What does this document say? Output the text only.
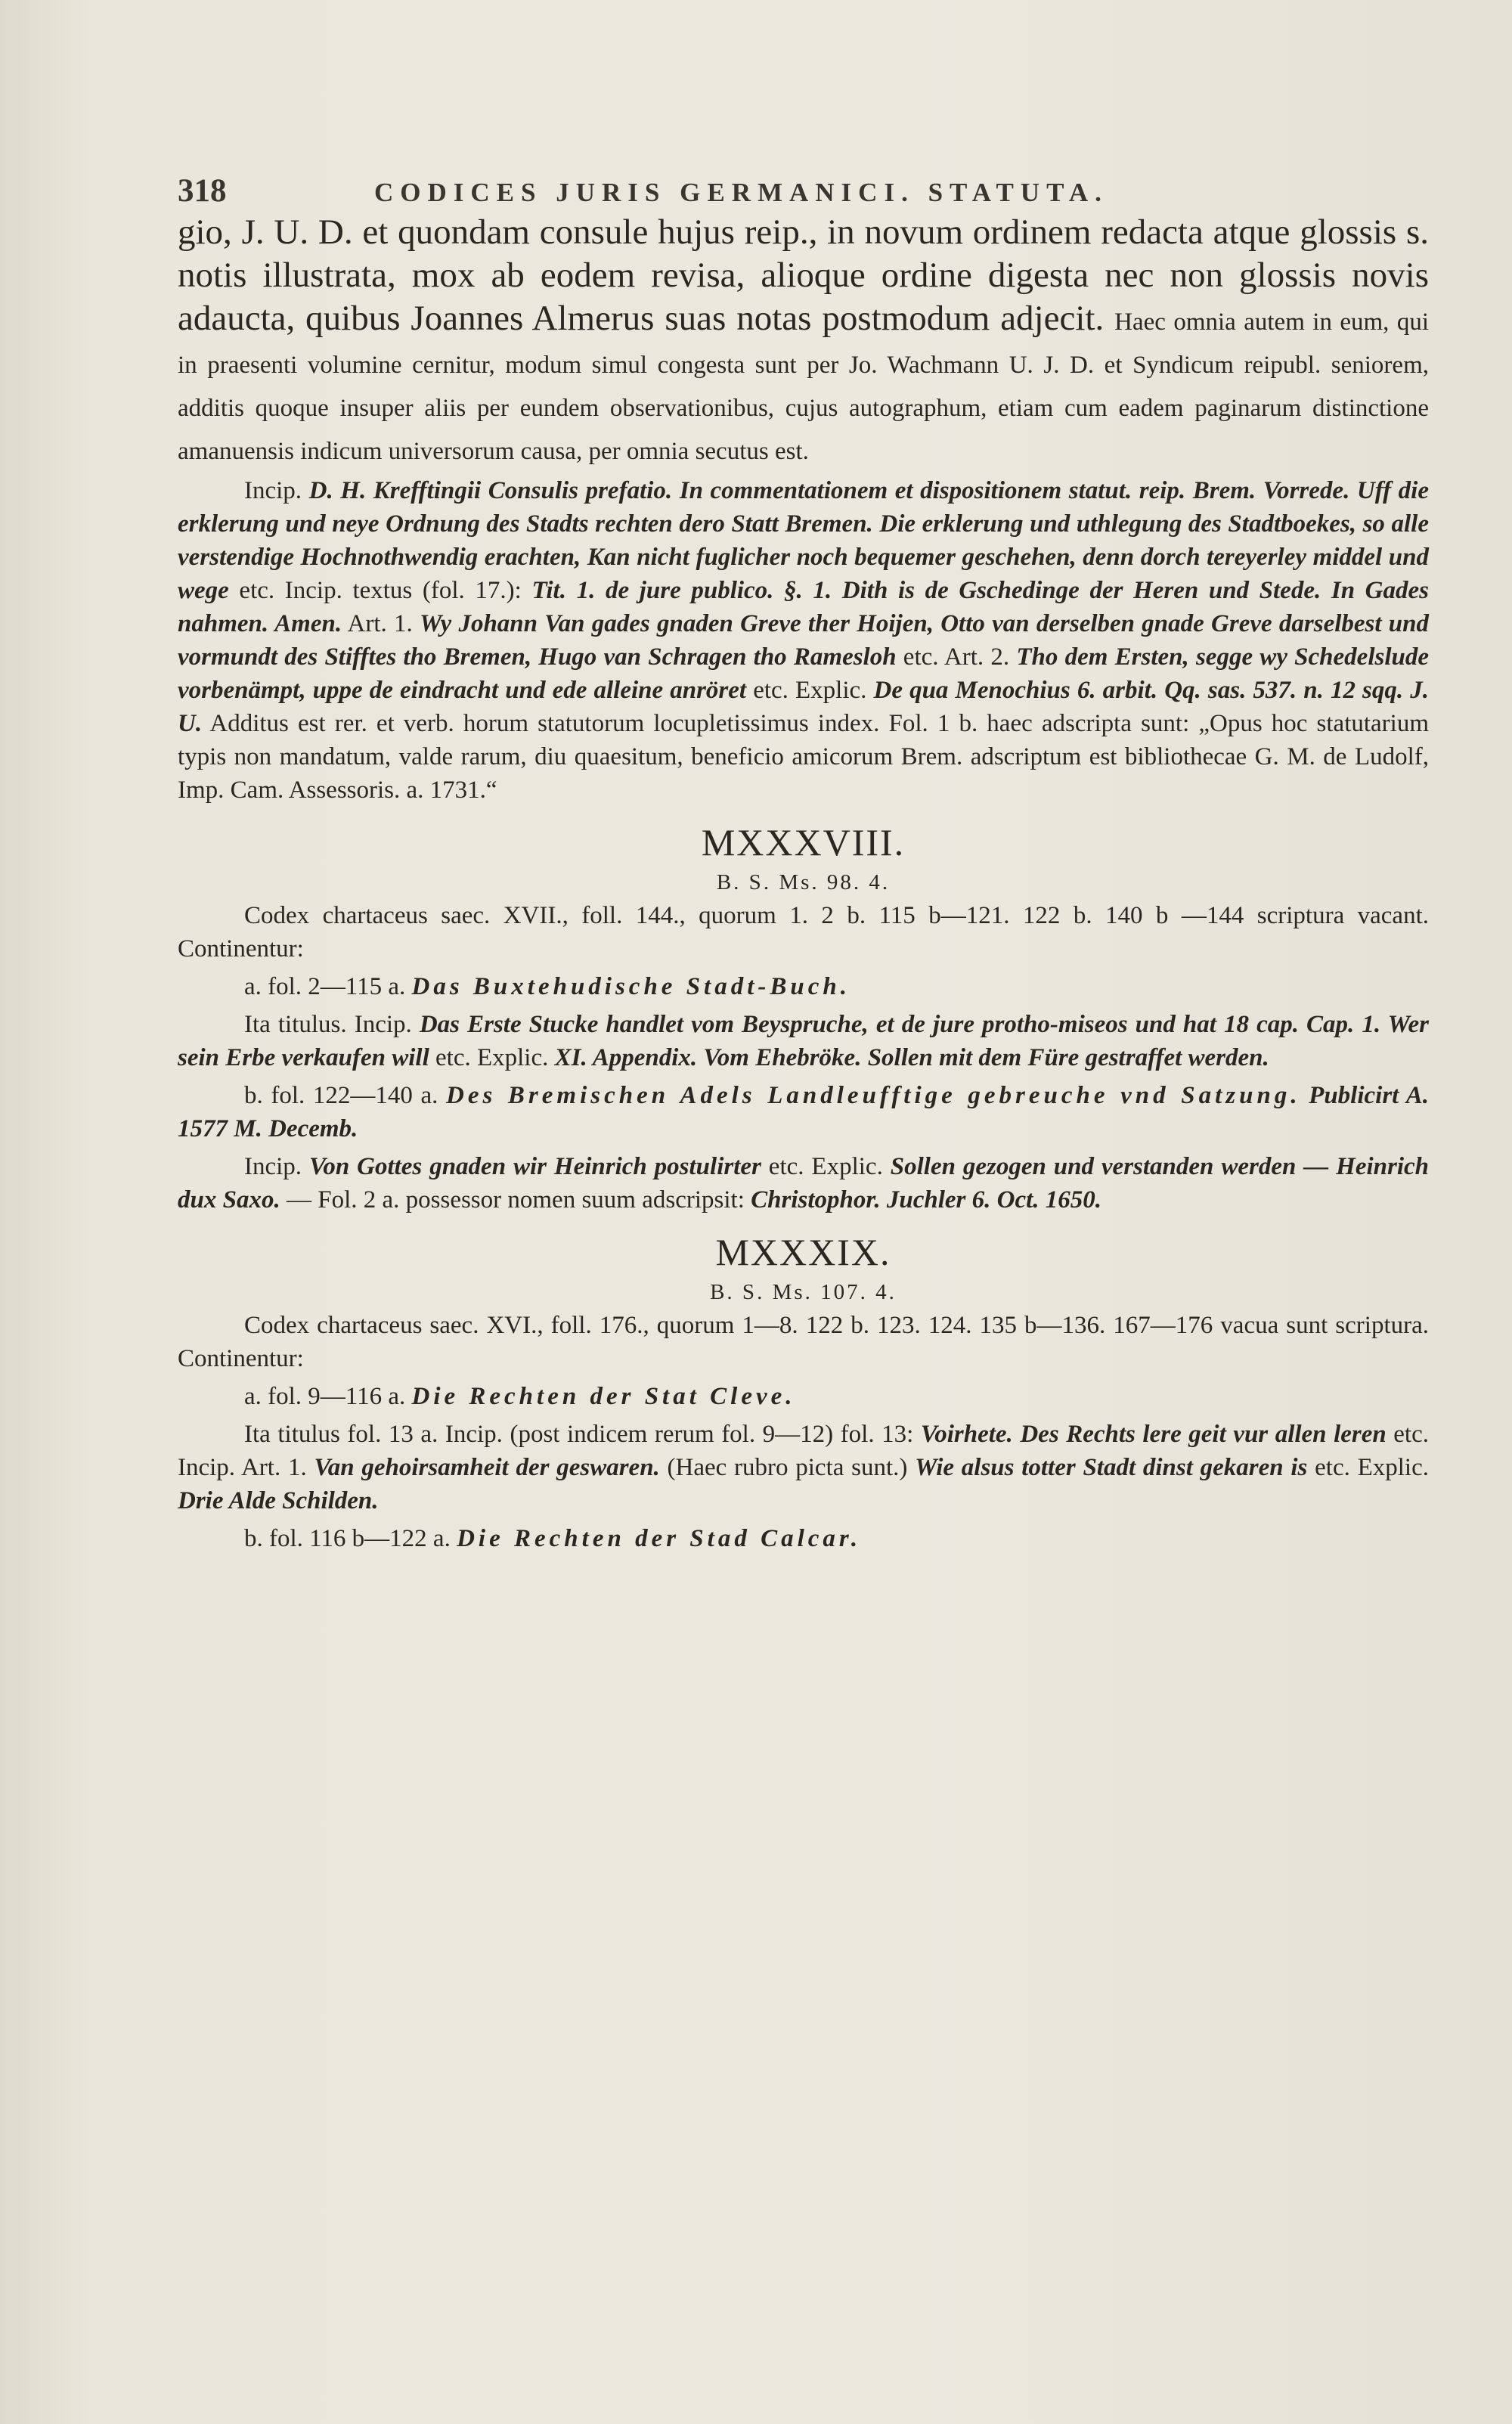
318	CODICES JURIS GERMANICI. STATUTA.

gio, J. U. D. et quondam consule hujus reip., in novum ordinem redacta atque glossis s. notis illustrata, mox ab eodem revisa, alioque ordine digesta nec non glossis novis adaucta, quibus Joannes Almerus suas notas postmodum adjecit. Haec omnia autem in eum, qui in praesenti volumine cernitur, modum simul congesta sunt per Jo. Wachmann U. J. D. et Syndicum reipubl. seniorem, additis quoque insuper aliis per eundem observationibus, cujus autographum, etiam cum eadem paginarum distinctione amanuensis indicum universorum causa, per omnia secutus est.

Incip. D. H. Krefftingii Consulis prefatio. In commentationem et dispositionem statut. reip. Brem. Vorrede. Uff die erklerung und neye Ordnung des Stadts rechten dero Statt Bremen. Die erklerung und uthlegung des Stadtboekes, so alle verstendige Hochnothwendig erachten, Kan nicht fuglicher noch bequemer geschehen, denn dorch tereyerley middel und wege etc. Incip. textus (fol. 17.): Tit. 1. de jure publico. §. 1. Dith is de Gschedinge der Heren und Stede. In Gades nahmen. Amen. Art. 1. Wy Johann Van gades gnaden Greve ther Hoijen, Otto van derselben gnade Greve darselbest und vormundt des Stifftes tho Bremen, Hugo van Schragen tho Ramesloh etc. Art. 2. Tho dem Ersten, segge wy Schedelslude vorbenämpt, uppe de eindracht und ede alleine anröret etc. Explic. De qua Menochius 6. arbit. Qq. sas. 537. n. 12 sqq. J. U. Additus est rer. et verb. horum statutorum locupletissimus index. Fol. 1 b. haec adscripta sunt: „Opus hoc statutarium typis non mandatum, valde rarum, diu quaesitum, beneficio amicorum Brem. adscriptum est bibliothecae G. M. de Ludolf, Imp. Cam. Assessoris. a. 1731.“

MXXXVIII.
B. S. Ms. 98. 4.

Codex chartaceus saec. XVII., foll. 144., quorum 1. 2 b. 115 b—121. 122 b. 140 b —144 scriptura vacant. Continentur:

a. fol. 2—115 a. Das Buxtehudische Stadt-Buch.

Ita titulus. Incip. Das Erste Stucke handlet vom Beyspruche, et de jure protho-miseos und hat 18 cap. Cap. 1. Wer sein Erbe verkaufen will etc. Explic. XI. Appendix. Vom Ehebröke. Sollen mit dem Füre gestraffet werden.

b. fol. 122—140 a. Des Bremischen Adels Landleufftige gebreuche vnd Satzung. Publicirt A. 1577 M. Decemb.

Incip. Von Gottes gnaden wir Heinrich postulirter etc. Explic. Sollen gezogen und verstanden werden — Heinrich dux Saxo. — Fol. 2 a. possessor nomen suum adscripsit: Christophor. Juchler 6. Oct. 1650.

MXXXIX.
B. S. Ms. 107. 4.

Codex chartaceus saec. XVI., foll. 176., quorum 1—8. 122 b. 123. 124. 135 b—136. 167—176 vacua sunt scriptura. Continentur:

a. fol. 9—116 a. Die Rechten der Stat Cleve.

Ita titulus fol. 13 a. Incip. (post indicem rerum fol. 9—12) fol. 13: Voirhete. Des Rechts lere geit vur allen leren etc. Incip. Art. 1. Van gehoirsamheit der geswaren. (Haec rubro picta sunt.) Wie alsus totter Stadt dinst gekaren is etc. Explic. Drie Alde Schilden.

b. fol. 116 b—122 a. Die Rechten der Stad Calcar.
